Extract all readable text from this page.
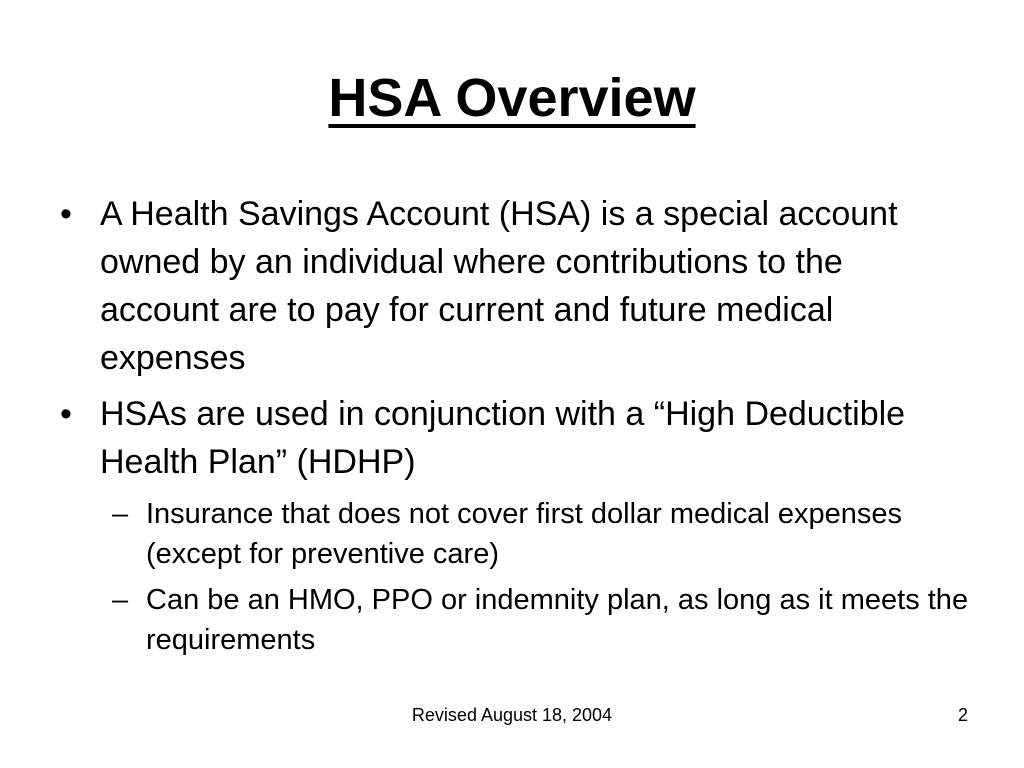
HSA Overview
• A Health Savings Account (HSA) is a special account owned by an individual where contributions to the account are to pay for current and future medical expenses
• HSAs are used in conjunction with a “High Deductible Health Plan” (HDHP)
– Insurance that does not cover first dollar medical expenses (except for preventive care)
– Can be an HMO, PPO or indemnity plan, as long as it meets the requirements
Revised August 18, 2004	2
